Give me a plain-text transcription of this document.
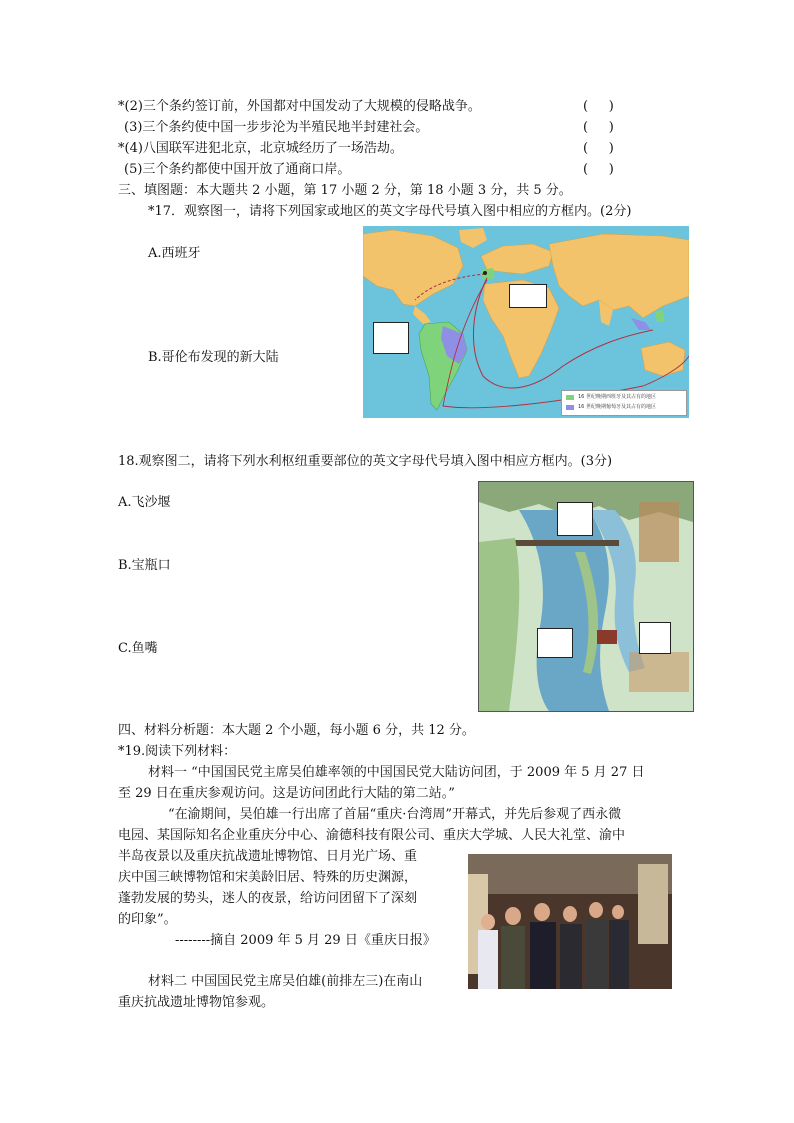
*(2)三个条约签订前，外国都对中国发动了大规模的侵略战争。	(     )
(3)三个条约使中国一步步沦为半殖民地半封建社会。	(     )
*(4)八国联军进犯北京，北京城经历了一场浩劫。	(     )
(5)三个条约都使中国开放了通商口岸。	(     )
三、填图题：本大题共 2 小题，第 17 小题 2 分，第 18 小题 3 分，共 5 分。
*17．观察图一，请将下列国家或地区的英文字母代号填入图中相应的方框内。(2分)
A.西班牙
B.哥伦布发现的新大陆
16 世纪晚期西班牙及其占有的地区
16 世纪晚期葡萄牙及其占有的地区
18.观察图二，请将下列水利枢纽重要部位的英文字母代号填入图中相应方框内。(3分)
A.飞沙堰
B.宝瓶口
C.鱼嘴
四、材料分析题：本大题 2 个小题，每小题 6 分，共 12 分。
*19.阅读下列材料：
材料一 “中国国民党主席吴伯雄率领的中国国民党大陆访问团，于 2009 年 5 月 27 日
至 29 日在重庆参观访问。这是访问团此行大陆的第二站。”
“在渝期间，吴伯雄一行出席了首届“重庆·台湾周”开幕式，并先后参观了西永微
电园、某国际知名企业重庆分中心、渝德科技有限公司、重庆大学城、人民大礼堂、渝中
半岛夜景以及重庆抗战遗址博物馆、日月光广场、重
庆中国三峡博物馆和宋美龄旧居、特殊的历史渊源，
蓬勃发展的势头，迷人的夜景，给访问团留下了深刻
的印象”。
--------摘自 2009 年 5 月 29 日《重庆日报》
材料二 中国国民党主席吴伯雄(前排左三)在南山
重庆抗战遗址博物馆参观。
